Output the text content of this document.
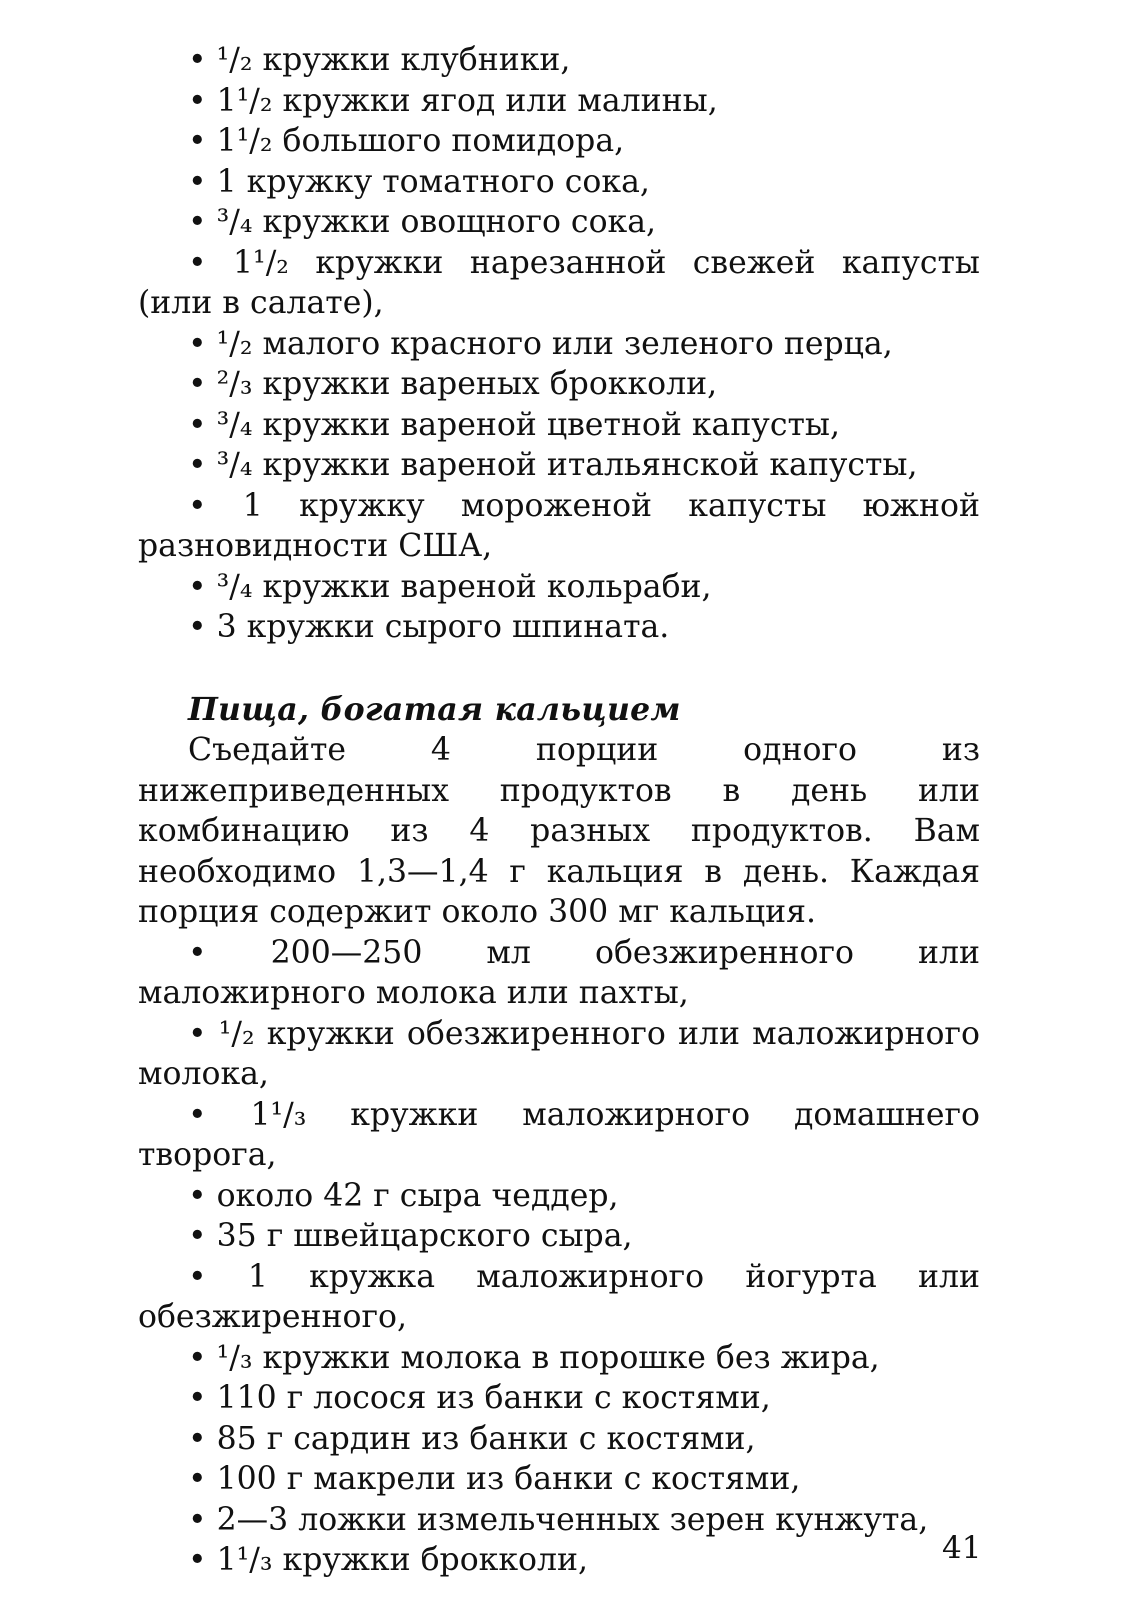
• ¹/₂ кружки клубники,

• 1¹/₂ кружки ягод или малины,

• 1¹/₂ большого помидора,

• 1 кружку томатного сока,

• ³/₄ кружки овощного сока,

• 1¹/₂ кружки нарезанной свежей капусты (или в салате),

• ¹/₂ малого красного или зеленого перца,

• ²/₃ кружки вареных брокколи,

• ³/₄ кружки вареной цветной капусты,

• ³/₄ кружки вареной итальянской капусты,

• 1 кружку мороженой капусты южной разновидности США,

• ³/₄ кружки вареной кольраби,

• 3 кружки сырого шпината.

Пища, богатая кальцием

Съедайте 4 порции одного из нижеприведенных продуктов в день или комбинацию из 4 разных продуктов. Вам необходимо 1,3—1,4 г кальция в день. Каждая порция содержит около 300 мг кальция.

• 200—250 мл обезжиренного или маложирного молока или пахты,

• ¹/₂ кружки обезжиренного или маложирного молока,

• 1¹/₃ кружки маложирного домашнего творога,

• около 42 г сыра чеддер,

• 35 г швейцарского сыра,

• 1 кружка маложирного йогурта или обезжиренного,

• ¹/₃ кружки молока в порошке без жира,

• 110 г лосося из банки с костями,

• 85 г сардин из банки с костями,

• 100 г макрели из банки с костями,

• 2—3 ложки измельченных зерен кунжута,

• 1¹/₃ кружки брокколи,	41
